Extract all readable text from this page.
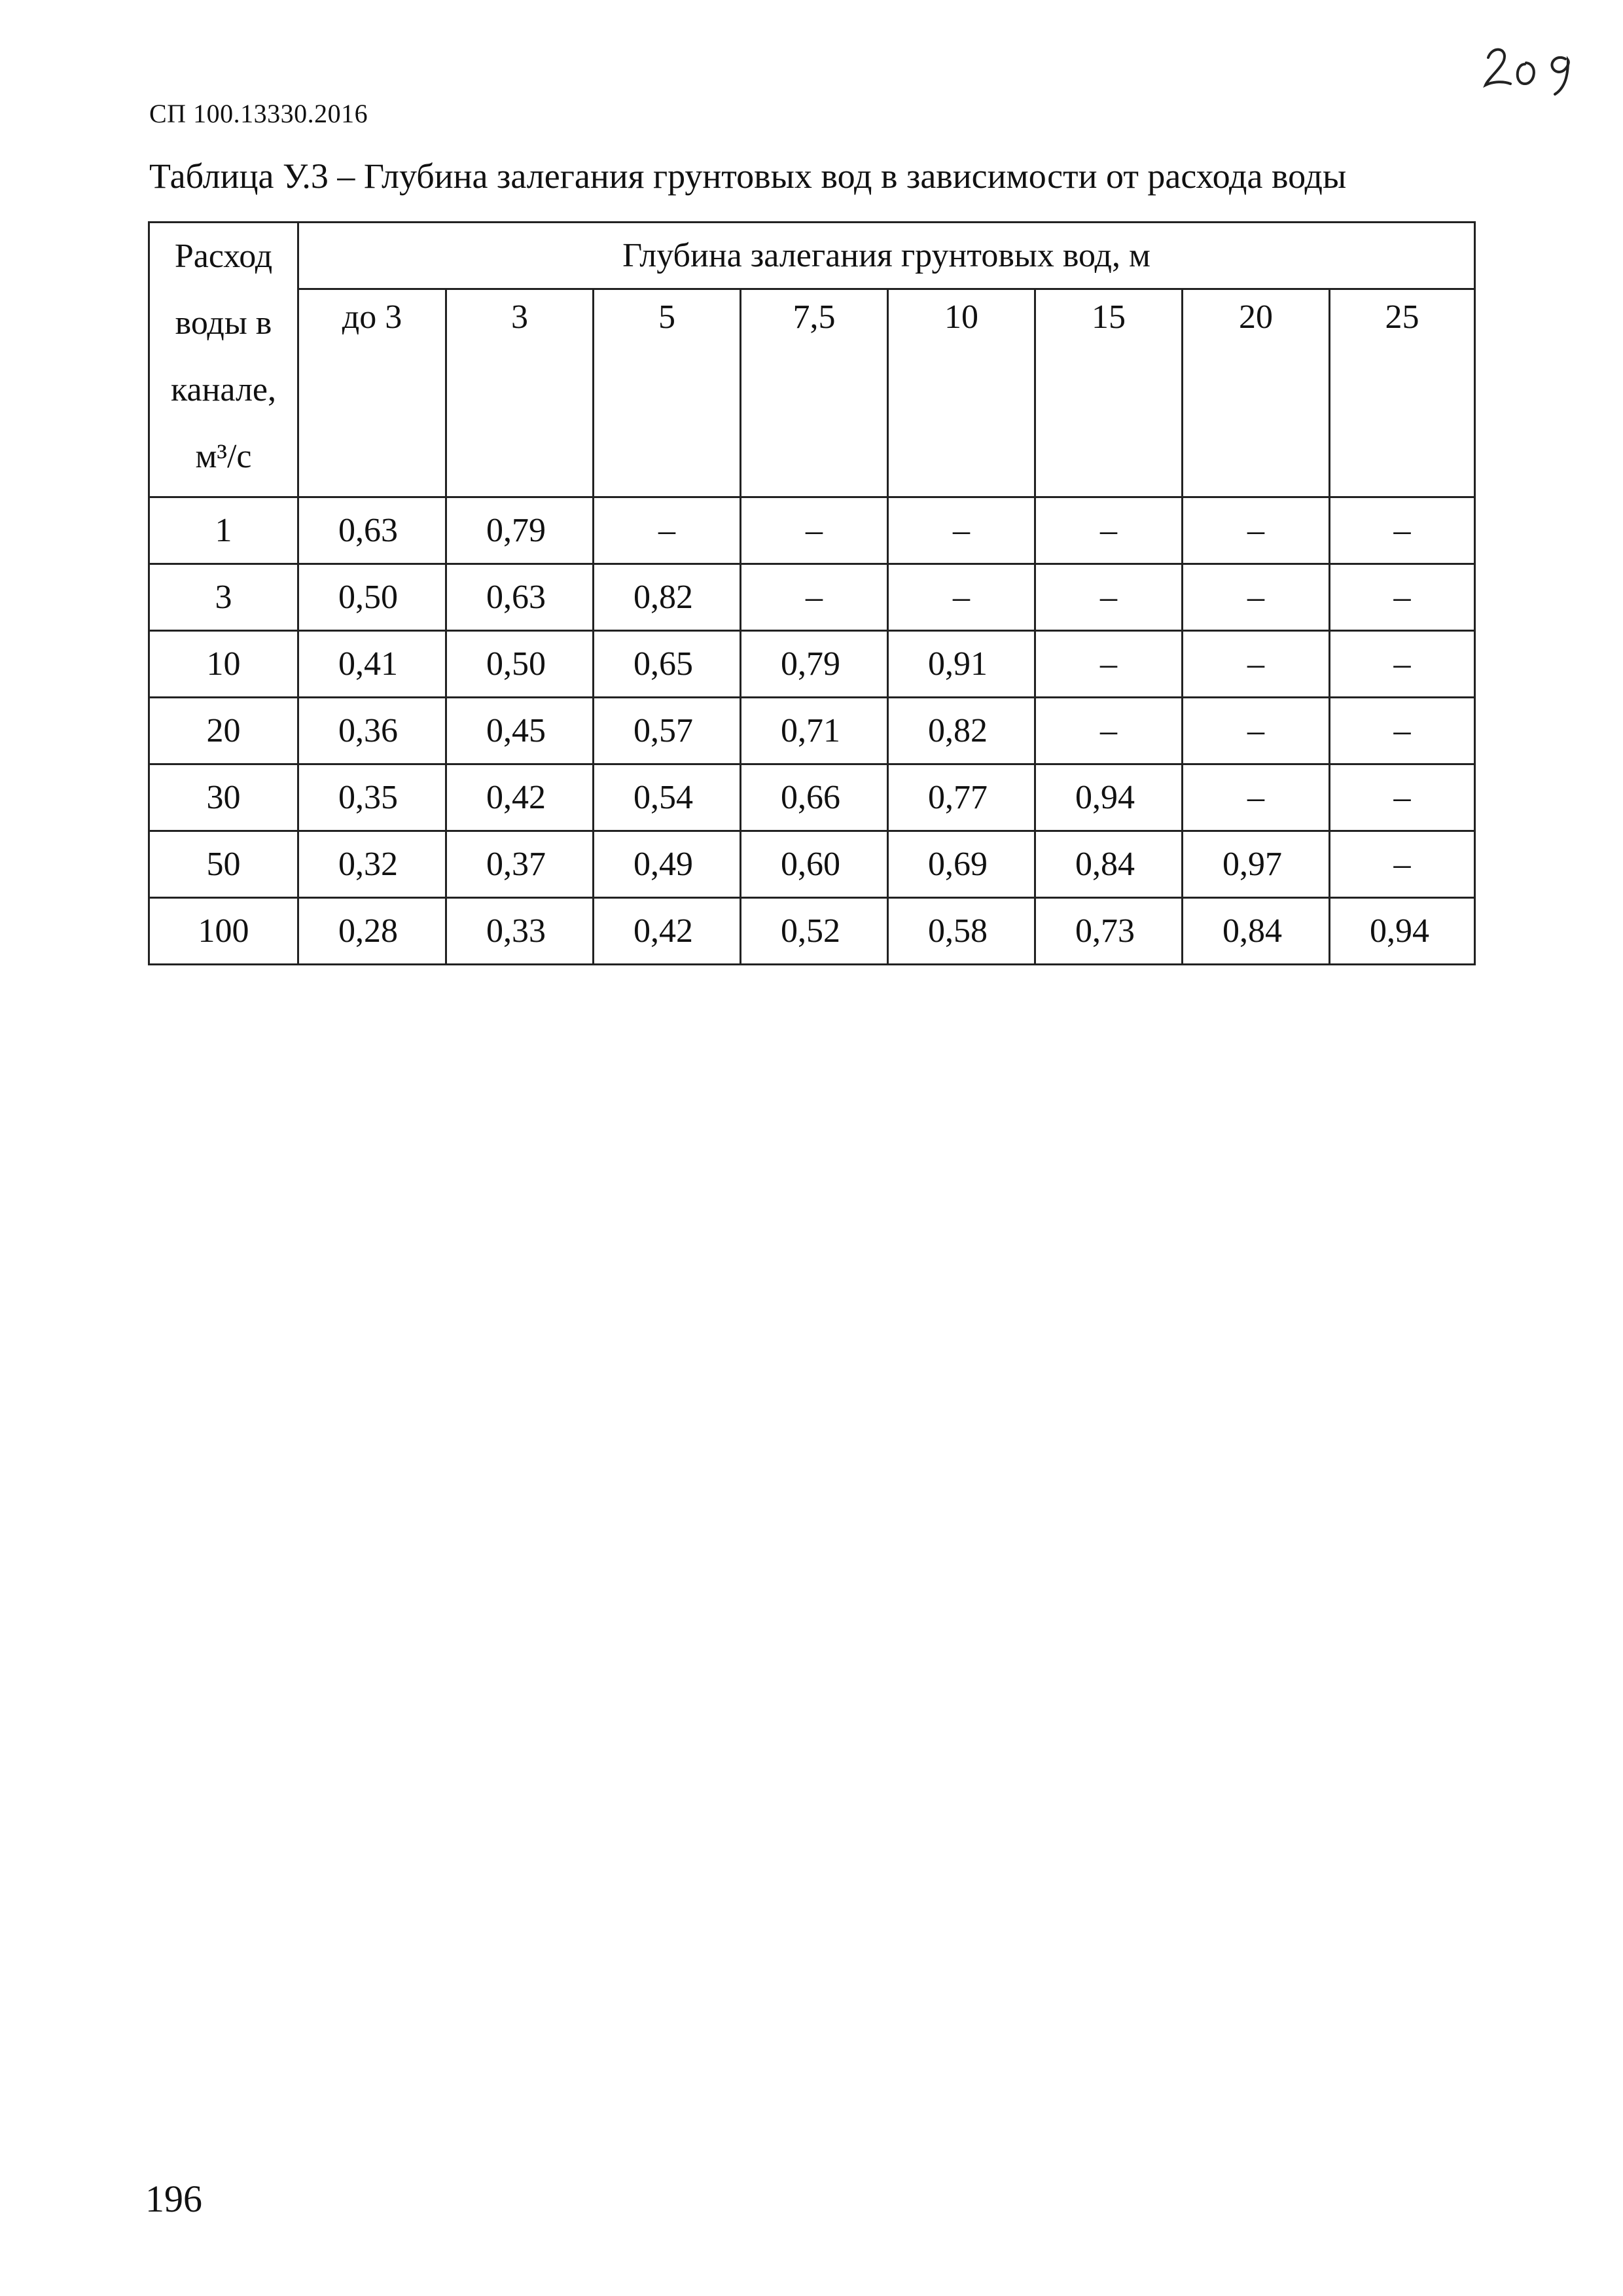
СП 100.13330.2016
Таблица У.3 – Глубина залегания грунтовых вод в зависимости от расхода воды
Расход
воды в
канале,
м³/с	Глубина залегания грунтовых вод, м							
	до 3	3	5	7,5	10	15	20	25
1	0,63	0,79	–	–	–	–	–	–
3	0,50	0,63	0,82	–	–	–	–	–
10	0,41	0,50	0,65	0,79	0,91	–	–	–
20	0,36	0,45	0,57	0,71	0,82	–	–	–
30	0,35	0,42	0,54	0,66	0,77	0,94	–	–
50	0,32	0,37	0,49	0,60	0,69	0,84	0,97	–
100	0,28	0,33	0,42	0,52	0,58	0,73	0,84	0,94
196
